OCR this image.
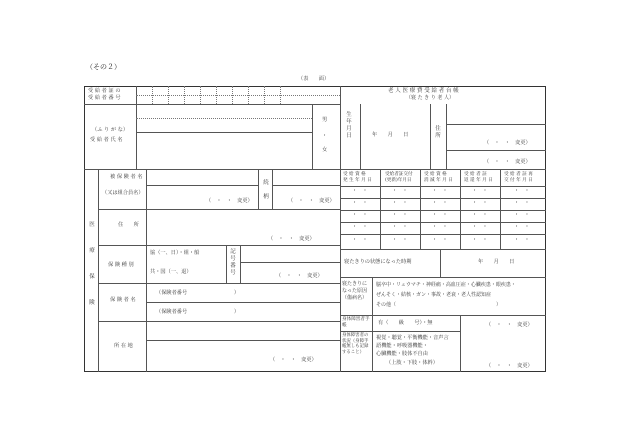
（その２）
（表　　面）
老 人 医 療 費 受 給 者 台 帳
（寝 た き り 老 人）
受 給 者 証 の
受 給 者 番 号
（ふ り が な）
受 給 者 氏 名
男
・
女
生年月日	年　　月　　日
住　所
（　・　・　変更）
（　・　・　変更）
医療保険
被 保 険 者 名
（又は組合員名）
続　柄
（　・　・　変更）	（　・　・　変更）
住　　所
（　・　・　変更）
保 険 種 別
協（一、日）・組・船
共・国（一、退）
記号番号	（　・　・　変更）
保 険 者 名
（保険者番号　　　　　　　　　）
（保険者番号　　　　　　　　　）
所 在 地
（　・　・　変更）
受 給 資 格
発 生 年 月 日
受給者証交付
(更新)年月日
受 給 資 格
消 滅 年 月 日
受 給 者 証
返 還 年 月 日
受 給 者 証 再
交 付 年 月 日
・　・	・　・	・　・	・　・	・　・
・　・	・　・	・　・	・　・	・　・
・　・	・　・	・　・	・　・	・　・
・　・	・　・	・　・	・　・	・　・
・　・	・　・	・　・	・　・	・　・
寝たきりの状態になった時期	年　　月　　日
寝たきりになった原因（傷病名）
脳卒中・リュウマチ・神経痛・高血圧症・心臓疾患・眼疾患・
ぜんそく・結核・ガン・事故・老衰・老人性認知症
その他（　　　　　　　　　　　　　　　　　　　　）
身体障害者手帳	有（　　級　　号）・無	（　・　・　変更）
身体障害者の状況（身障手帳無しも記録すること）
視覚・聴覚・平衡機能・音声言
語機能・呼吸器機能・
心臓機能・肢体不自由
（上肢・下肢・体幹）	（　・　・　変更）
